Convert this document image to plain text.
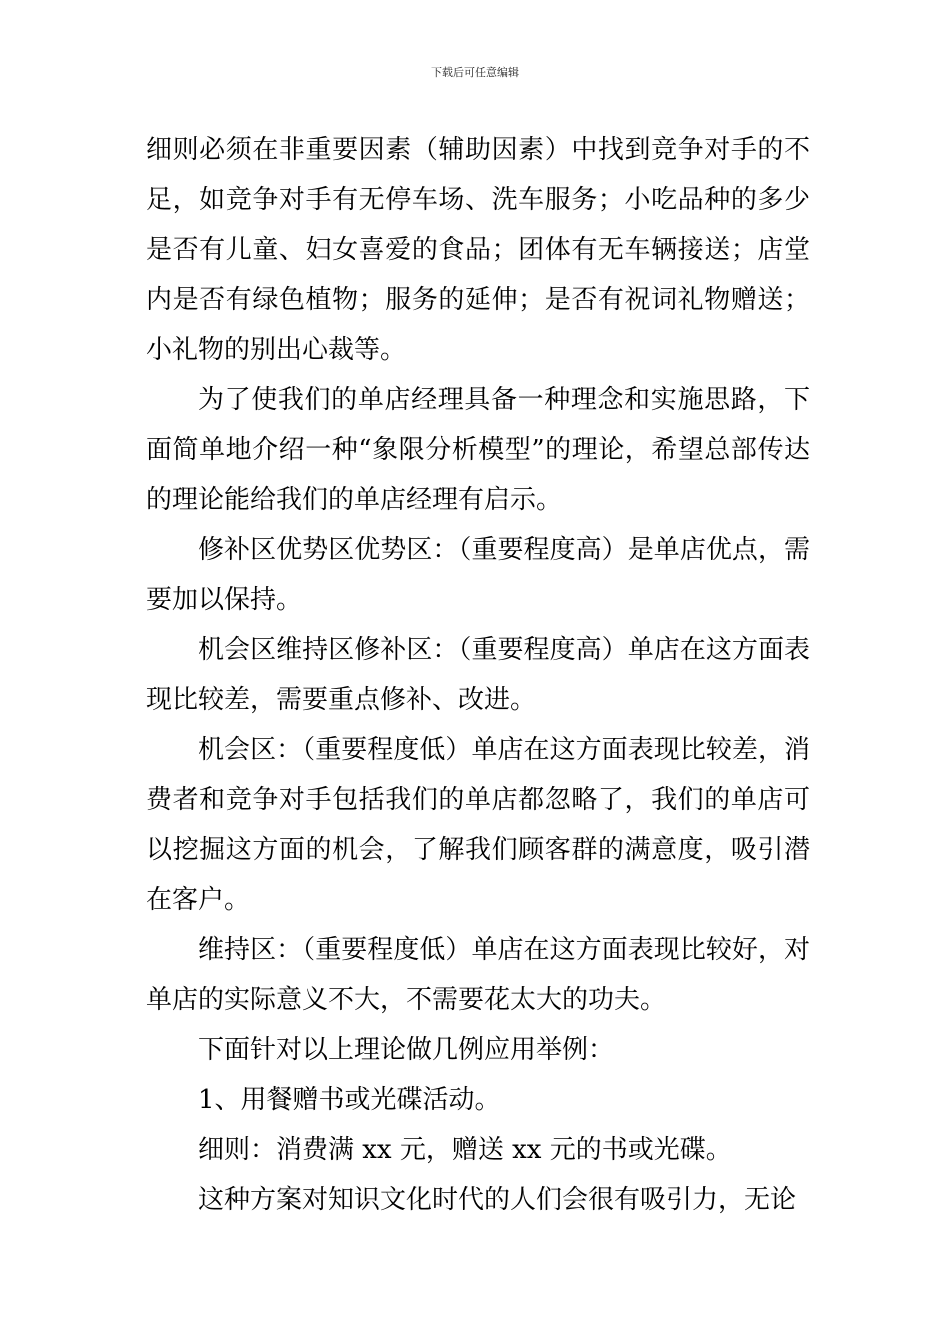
下载后可任意编辑

细则必须在非重要因素（辅助因素）中找到竞争对手的不足，如竞争对手有无停车场、洗车服务；小吃品种的多少是否有儿童、妇女喜爱的食品；团体有无车辆接送；店堂内是否有绿色植物；服务的延伸；是否有祝词礼物赠送；小礼物的别出心裁等。

为了使我们的单店经理具备一种理念和实施思路，下面简单地介绍一种“象限分析模型”的理论，希望总部传达的理论能给我们的单店经理有启示。

修补区优势区优势区：（重要程度高）是单店优点，需要加以保持。

机会区维持区修补区：（重要程度高）单店在这方面表现比较差，需要重点修补、改进。

机会区：（重要程度低）单店在这方面表现比较差，消费者和竞争对手包括我们的单店都忽略了，我们的单店可以挖掘这方面的机会，了解我们顾客群的满意度，吸引潜在客户。

维持区：（重要程度低）单店在这方面表现比较好，对单店的实际意义不大，不需要花太大的功夫。

下面针对以上理论做几例应用举例：

1、用餐赠书或光碟活动。

细则：消费满 xx 元，赠送 xx 元的书或光碟。

这种方案对知识文化时代的人们会很有吸引力，无论
